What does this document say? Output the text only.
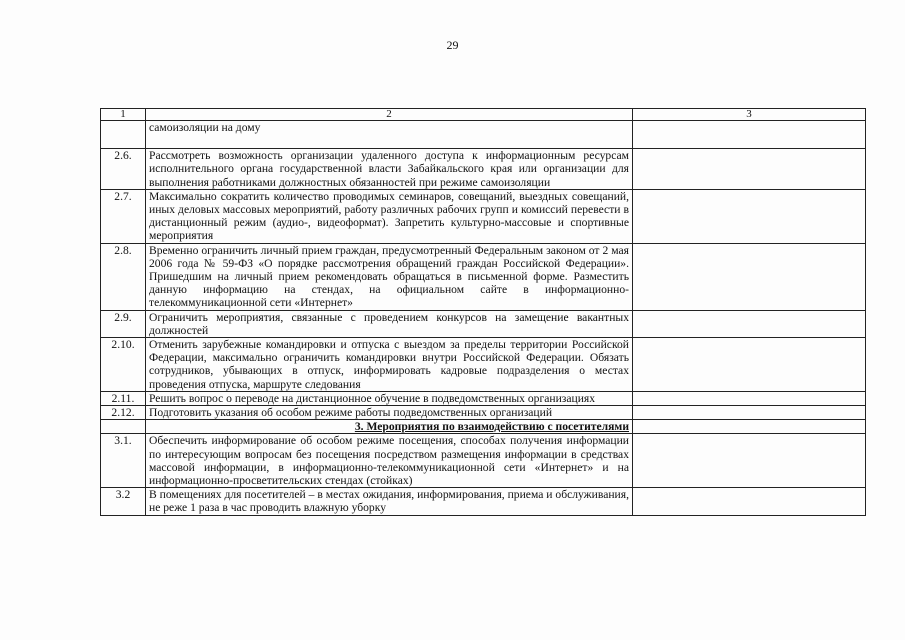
29
1	2	3
	самоизоляции на дому

2.6.	Рассмотреть возможность организации удаленного доступа к информационным ресурсам исполнительного органа государственной власти Забайкальского края или организации для выполнения работниками должностных обязанностей при режиме самоизоляции	
2.7.	Максимально сократить количество проводимых семинаров, совещаний, выездных совещаний, иных деловых массовых мероприятий, работу различных рабочих групп и комиссий перевести в дистанционный режим (аудио-, видеоформат). Запретить культурно-массовые и спортивные мероприятия	
2.8.	Временно ограничить личный прием граждан, предусмотренный Федеральным законом от 2 мая 2006 года № 59-ФЗ «О порядке рассмотрения обращений граждан Российской Федерации». Пришедшим на личный прием рекомендовать обращаться в письменной форме. Разместить данную информацию на стендах, на официальном сайте в информационно-телекоммуникационной сети «Интернет»	
2.9.	Ограничить мероприятия, связанные с проведением конкурсов на замещение вакантных должностей	
2.10.	Отменить зарубежные командировки и отпуска с выездом за пределы территории Российской Федерации, максимально ограничить командировки внутри Российской Федерации. Обязать сотрудников, убывающих в отпуск, информировать кадровые подразделения о местах проведения отпуска, маршруте следования	
2.11.	Решить вопрос о переводе на дистанционное обучение в подведомственных организациях	
2.12.	Подготовить указания об особом режиме работы подведомственных организаций	
	3. Мероприятия по взаимодействию с посетителями	
3.1.	Обеспечить информирование об особом режиме посещения, способах получения информации по интересующим вопросам без посещения посредством размещения информации в средствах массовой информации, в информационно-телекоммуникационной сети «Интернет» и на информационно-просветительских стендах (стойках)	
3.2	В помещениях для посетителей – в местах ожидания, информирования, приема и обслуживания, не реже 1 раза в час проводить влажную уборку	
